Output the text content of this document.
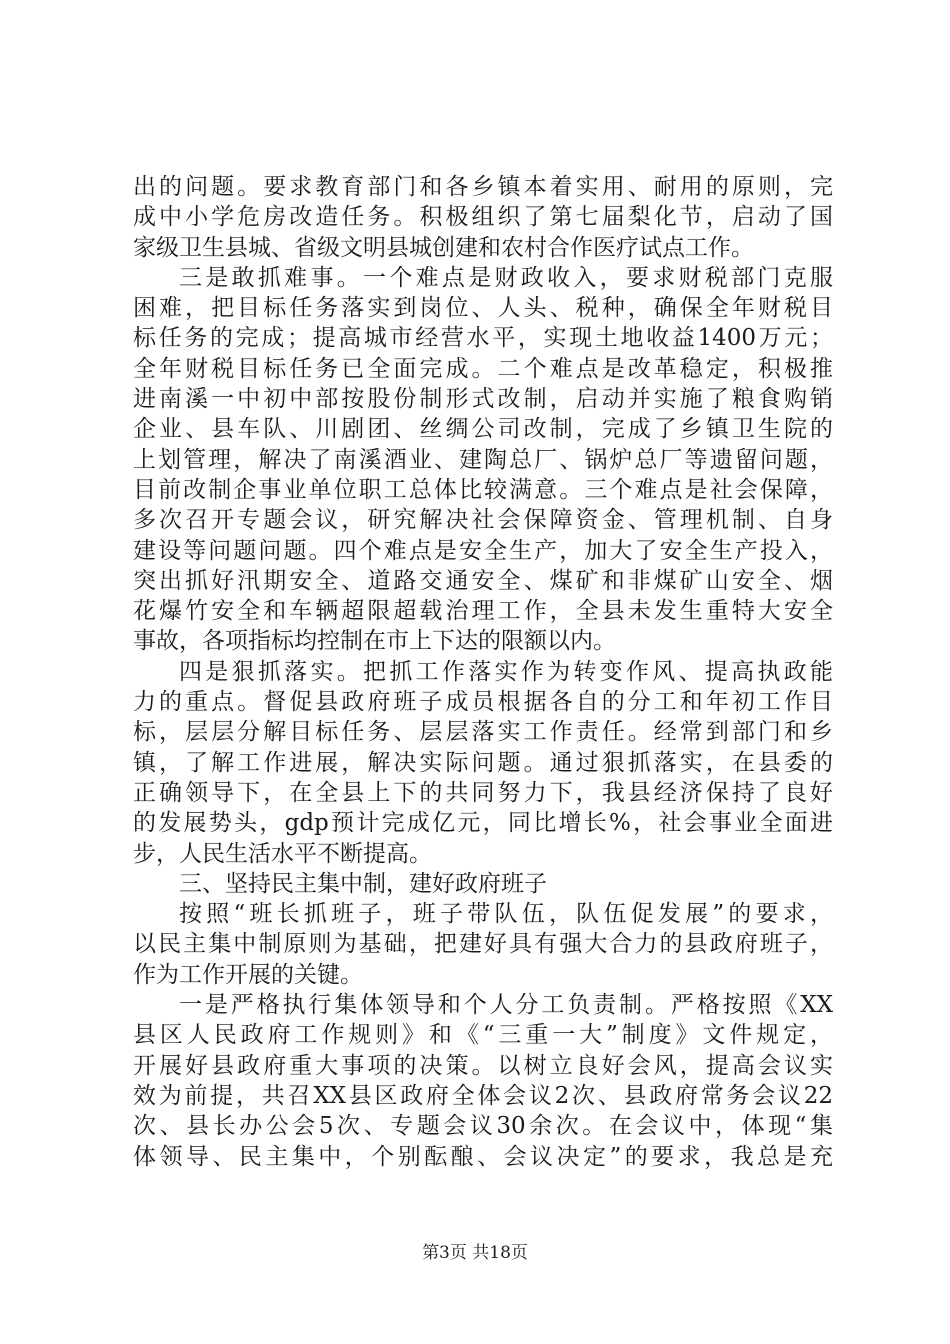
出的问题。要求教育部门和各乡镇本着实用、耐用的原则，完
成中小学危房改造任务。积极组织了第七届梨化节，启动了国
家级卫生县城、省级文明县城创建和农村合作医疗试点工作。
三是敢抓难事。一个难点是财政收入，要求财税部门克服
困难，把目标任务落实到岗位、人头、税种，确保全年财税目
标任务的完成；提高城市经营水平，实现土地收益1400万元；
全年财税目标任务已全面完成。二个难点是改革稳定，积极推
进南溪一中初中部按股份制形式改制，启动并实施了粮食购销
企业、县车队、川剧团、丝绸公司改制，完成了乡镇卫生院的
上划管理，解决了南溪酒业、建陶总厂、锅炉总厂等遗留问题，
目前改制企事业单位职工总体比较满意。三个难点是社会保障，
多次召开专题会议，研究解决社会保障资金、管理机制、自身
建设等问题问题。四个难点是安全生产，加大了安全生产投入，
突出抓好汛期安全、道路交通安全、煤矿和非煤矿山安全、烟
花爆竹安全和车辆超限超载治理工作，全县未发生重特大安全
事故，各项指标均控制在市上下达的限额以内。
四是狠抓落实。把抓工作落实作为转变作风、提高执政能
力的重点。督促县政府班子成员根据各自的分工和年初工作目
标，层层分解目标任务、层层落实工作责任。经常到部门和乡
镇，了解工作进展，解决实际问题。通过狠抓落实，在县委的
正确领导下，在全县上下的共同努力下，我县经济保持了良好
的发展势头，gdp预计完成亿元，同比增长%，社会事业全面进
步，人民生活水平不断提高。
三、坚持民主集中制，建好政府班子
按照“班长抓班子，班子带队伍，队伍促发展”的要求，
以民主集中制原则为基础，把建好具有强大合力的县政府班子，
作为工作开展的关键。
一是严格执行集体领导和个人分工负责制。严格按照《XX
县区人民政府工作规则》和《“三重一大”制度》文件规定，
开展好县政府重大事项的决策。以树立良好会风，提高会议实
效为前提，共召XX县区政府全体会议2次、县政府常务会议22
次、县长办公会5次、专题会议30余次。在会议中，体现“集
体领导、民主集中，个别酝酿、会议决定”的要求，我总是充
第3页 共18页
